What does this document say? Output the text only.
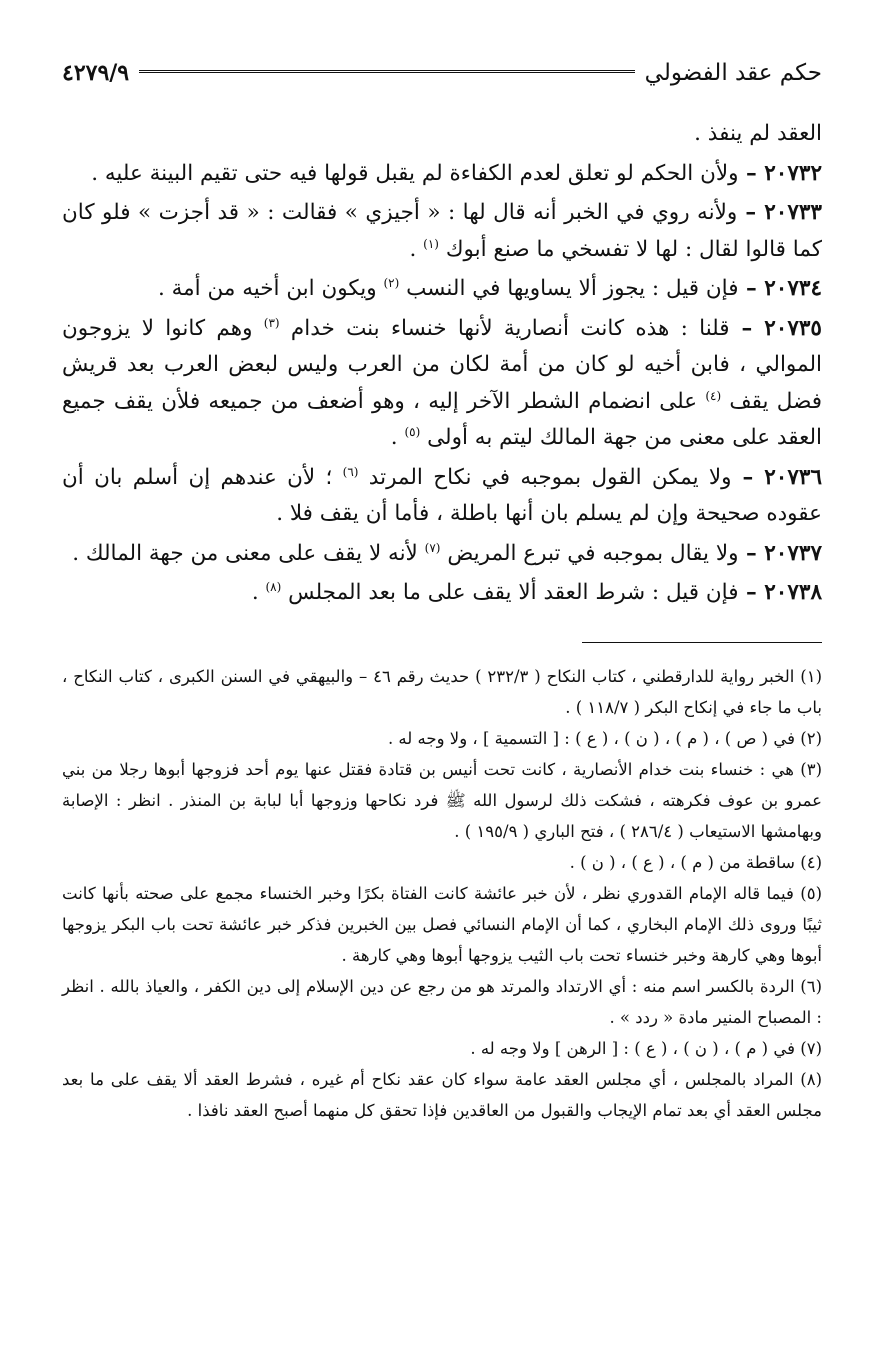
حكم عقد الفضولي
٤٢٧٩/٩

العقد لم ينفذ .

٢٠٧٣٢ – ولأن الحكم لو تعلق لعدم الكفاءة لم يقبل قولها فيه حتى تقيم البينة عليه .

٢٠٧٣٣ – ولأنه روي في الخبر أنه قال لها : « أجيزي » فقالت : « قد أجزت » فلو كان كما قالوا لقال : لها لا تفسخي ما صنع أبوك $^{(١)}$ .

٢٠٧٣٤ – فإن قيل : يجوز ألا يساويها في النسب $^{(٢)}$ ويكون ابن أخيه من أمة .

٢٠٧٣٥ – قلنا : هذه كانت أنصارية لأنها خنساء بنت خدام $^{(٣)}$ وهم كانوا لا يزوجون الموالي ، فابن أخيه لو كان من أمة لكان من العرب وليس لبعض العرب بعد قريش فضل يقف $^{(٤)}$ على انضمام الشطر الآخر إليه ، وهو أضعف من جميعه فلأن يقف جميع العقد على معنى من جهة المالك ليتم به أولى $^{(٥)}$ .

٢٠٧٣٦ – ولا يمكن القول بموجبه في نكاح المرتد $^{(٦)}$ ؛ لأن عندهم إن أسلم بان أن عقوده صحيحة وإن لم يسلم بان أنها باطلة ، فأما أن يقف فلا .

٢٠٧٣٧ – ولا يقال بموجبه في تبرع المريض $^{(٧)}$ لأنه لا يقف على معنى من جهة المالك .

٢٠٧٣٨ – فإن قيل : شرط العقد ألا يقف على ما بعد المجلس $^{(٨)}$ .

(١) الخبر رواية للدارقطني ، كتاب النكاح ( ٢٣٢/٣ ) حديث رقم ٤٦ – والبيهقي في السنن الكبرى ، كتاب النكاح ، باب ما جاء في إنكاح البكر ( ١١٨/٧ ) .

(٢) في ( ص ) ، ( م ) ، ( ن ) ، ( ع ) : [ التسمية ] ، ولا وجه له .

(٣) هي : خنساء بنت خدام الأنصارية ، كانت تحت أنيس بن قتادة فقتل عنها يوم أحد فزوجها أبوها رجلا من بني عمرو بن عوف فكرهته ، فشكت ذلك لرسول الله ﷺ فرد نكاحها وزوجها أبا لبابة بن المنذر . انظر : الإصابة وبهامشها الاستيعاب ( ٢٨٦/٤ ) ، فتح الباري ( ١٩٥/٩ ) .

(٤) ساقطة من ( م ) ، ( ع ) ، ( ن ) .

(٥) فيما قاله الإمام القدوري نظر ، لأن خبر عائشة كانت الفتاة بكرًا وخبر الخنساء مجمع على صحته بأنها كانت ثيبًا وروى ذلك الإمام البخاري ، كما أن الإمام النسائي فصل بين الخبرين فذكر خبر عائشة تحت باب البكر يزوجها أبوها وهي كارهة وخبر خنساء تحت باب الثيب يزوجها أبوها وهي كارهة .

(٦) الردة بالكسر اسم منه : أي الارتداد والمرتد هو من رجع عن دين الإسلام إلى دين الكفر ، والعياذ بالله . انظر : المصباح المنير مادة « ردد » .

(٧) في ( م ) ، ( ن ) ، ( ع ) : [ الرهن ] ولا وجه له .

(٨) المراد بالمجلس ، أي مجلس العقد عامة سواء كان عقد نكاح أم غيره ، فشرط العقد ألا يقف على ما بعد مجلس العقد أي بعد تمام الإيجاب والقبول من العاقدين فإذا تحقق كل منهما أصبح العقد نافذا .
